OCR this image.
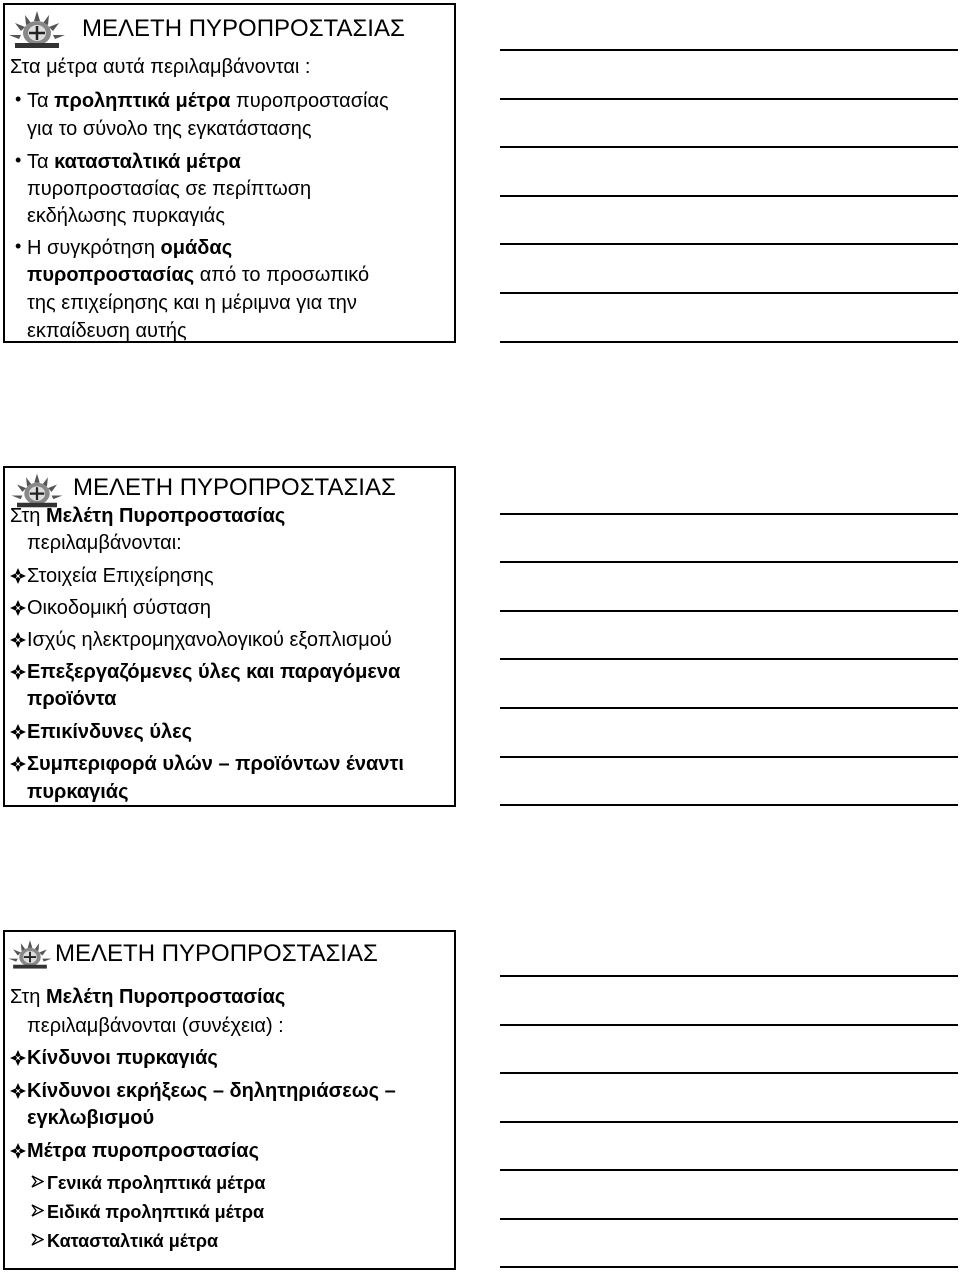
ΜΕΛΕΤΗ ΠΥΡΟΠΡΟΣΤΑΣΙΑΣ
Στα μέτρα αυτά περιλαμβάνονται :
• Τα προληπτικά μέτρα πυροπροστασίας
για το σύνολο της εγκατάστασης
• Τα κατασταλτικά μέτρα
πυροπροστασίας σε περίπτωση
εκδήλωσης πυρκαγιάς
• Η συγκρότηση ομάδας
πυροπροστασίας από το προσωπικό
της επιχείρησης και η μέριμνα για την
εκπαίδευση αυτής
ΜΕΛΕΤΗ ΠΥΡΟΠΡΟΣΤΑΣΙΑΣ
Στη Μελέτη Πυροπροστασίας
περιλαμβάνονται:
Στοιχεία Επιχείρησης
Οικοδομική σύσταση
Ισχύς ηλεκτρομηχανολογικού εξοπλισμού
Επεξεργαζόμενες ύλες και παραγόμενα
προϊόντα
Επικίνδυνες ύλες
Συμπεριφορά υλών – προϊόντων έναντι
πυρκαγιάς
ΜΕΛΕΤΗ ΠΥΡΟΠΡΟΣΤΑΣΙΑΣ
Στη Μελέτη Πυροπροστασίας
περιλαμβάνονται (συνέχεια) :
Κίνδυνοι πυρκαγιάς
Κίνδυνοι εκρήξεως – δηλητηριάσεως –
εγκλωβισμού
Μέτρα πυροπροστασίας
Γενικά προληπτικά μέτρα
Ειδικά προληπτικά μέτρα
Κατασταλτικά μέτρα
